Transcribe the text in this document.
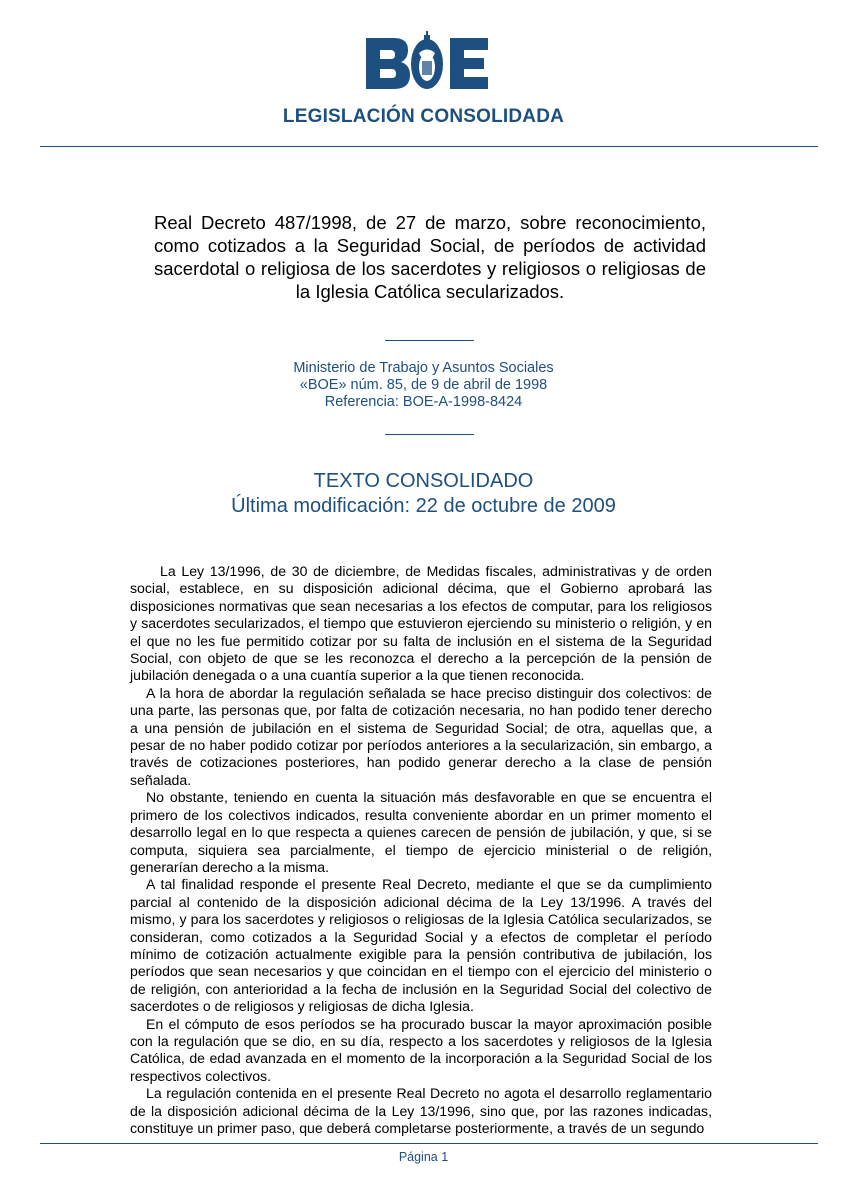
LEGISLACIÓN CONSOLIDADA
Real Decreto 487/1998, de 27 de marzo, sobre reconocimiento, como cotizados a la Seguridad Social, de períodos de actividad sacerdotal o religiosa de los sacerdotes y religiosos o religiosas de la Iglesia Católica secularizados.
Ministerio de Trabajo y Asuntos Sociales
«BOE» núm. 85, de 9 de abril de 1998
Referencia: BOE-A-1998-8424
TEXTO CONSOLIDADO
Última modificación: 22 de octubre de 2009

La Ley 13/1996, de 30 de diciembre, de Medidas fiscales, administrativas y de orden social, establece, en su disposición adicional décima, que el Gobierno aprobará las disposiciones normativas que sean necesarias a los efectos de computar, para los religiosos y sacerdotes secularizados, el tiempo que estuvieron ejerciendo su ministerio o religión, y en el que no les fue permitido cotizar por su falta de inclusión en el sistema de la Seguridad Social, con objeto de que se les reconozca el derecho a la percepción de la pensión de jubilación denegada o a una cuantía superior a la que tienen reconocida.

A la hora de abordar la regulación señalada se hace preciso distinguir dos colectivos: de una parte, las personas que, por falta de cotización necesaria, no han podido tener derecho a una pensión de jubilación en el sistema de Seguridad Social; de otra, aquellas que, a pesar de no haber podido cotizar por períodos anteriores a la secularización, sin embargo, a través de cotizaciones posteriores, han podido generar derecho a la clase de pensión señalada.

No obstante, teniendo en cuenta la situación más desfavorable en que se encuentra el primero de los colectivos indicados, resulta conveniente abordar en un primer momento el desarrollo legal en lo que respecta a quienes carecen de pensión de jubilación, y que, si se computa, siquiera sea parcialmente, el tiempo de ejercicio ministerial o de religión, generarían derecho a la misma.

A tal finalidad responde el presente Real Decreto, mediante el que se da cumplimiento parcial al contenido de la disposición adicional décima de la Ley 13/1996. A través del mismo, y para los sacerdotes y religiosos o religiosas de la Iglesia Católica secularizados, se consideran, como cotizados a la Seguridad Social y a efectos de completar el período mínimo de cotización actualmente exigible para la pensión contributiva de jubilación, los períodos que sean necesarios y que coincidan en el tiempo con el ejercicio del ministerio o de religión, con anterioridad a la fecha de inclusión en la Seguridad Social del colectivo de sacerdotes o de religiosos y religiosas de dicha Iglesia.

En el cómputo de esos períodos se ha procurado buscar la mayor aproximación posible con la regulación que se dio, en su día, respecto a los sacerdotes y religiosos de la Iglesia Católica, de edad avanzada en el momento de la incorporación a la Seguridad Social de los respectivos colectivos.

La regulación contenida en el presente Real Decreto no agota el desarrollo reglamentario de la disposición adicional décima de la Ley 13/1996, sino que, por las razones indicadas, constituye un primer paso, que deberá completarse posteriormente, a través de un segundo

Página 1
